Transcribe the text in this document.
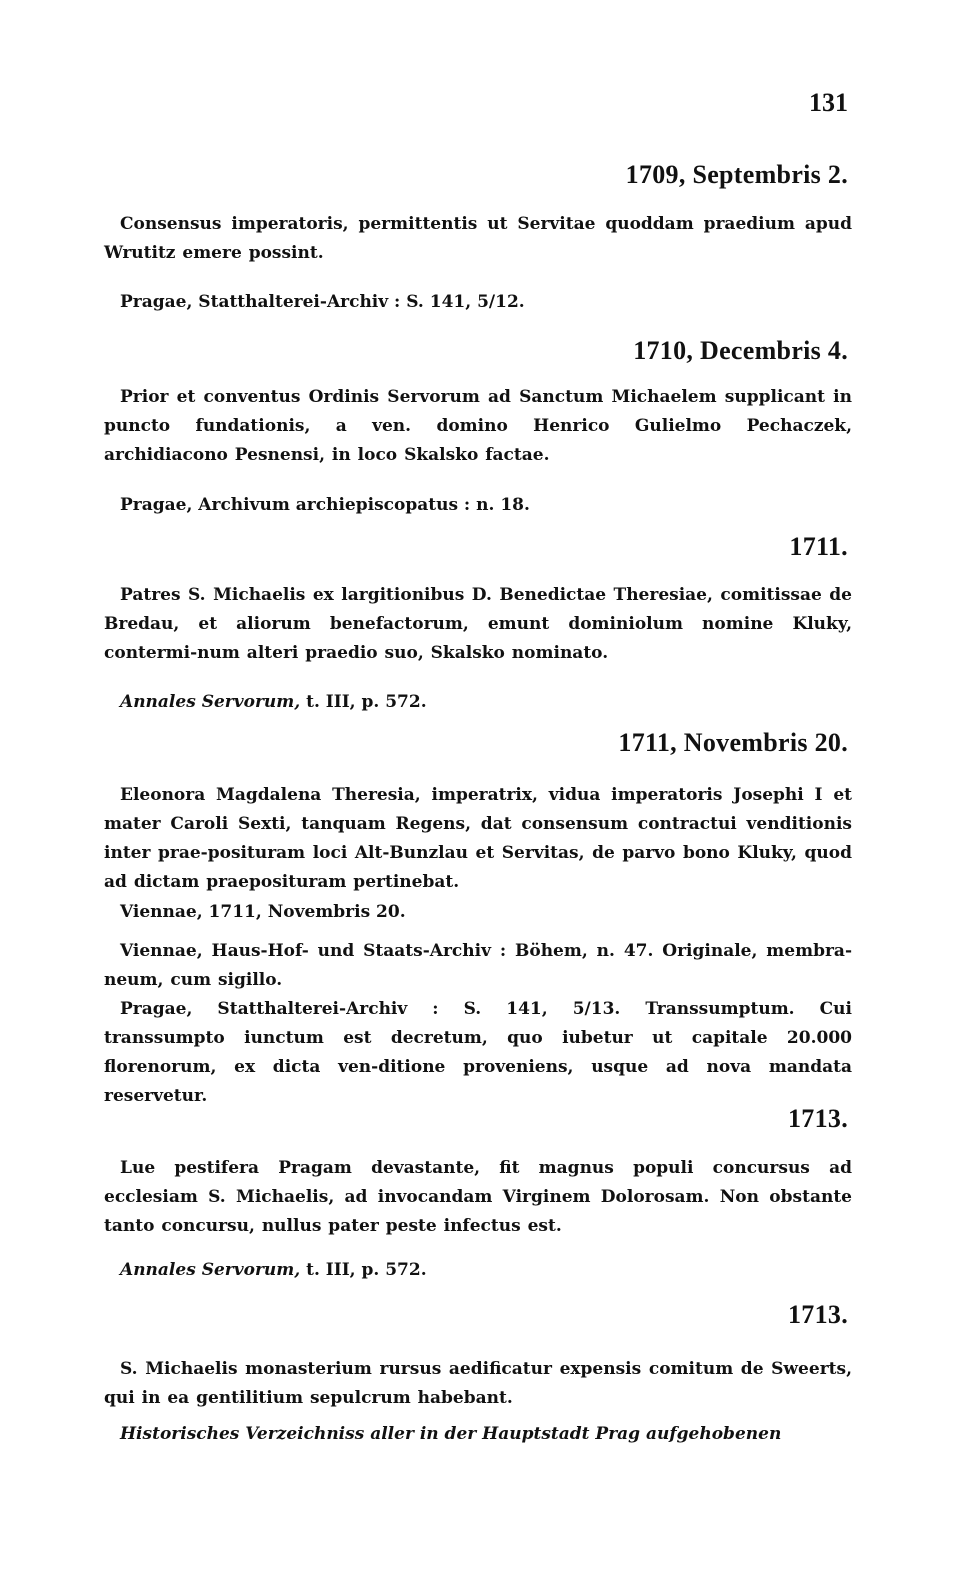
131
1709, Septembris 2.
Consensus imperatoris, permittentis ut Servitae quoddam praedium apud Wrutitz emere possint.
Pragae, Statthalterei-Archiv : S. 141, 5/12.
1710, Decembris 4.
Prior et conventus Ordinis Servorum ad Sanctum Michaelem supplicant in puncto fundationis, a ven. domino Henrico Gulielmo Pechaczek, archidiacono Pesnensi, in loco Skalsko factae.
Pragae, Archivum archiepiscopatus : n. 18.
1711.
Patres S. Michaelis ex largitionibus D. Benedictae Theresiae, comitissae de Bredau, et aliorum benefactorum, emunt dominiolum nomine Kluky, contermi-num alteri praedio suo, Skalsko nominato.
Annales Servorum, t. III, p. 572.
1711, Novembris 20.
Eleonora Magdalena Theresia, imperatrix, vidua imperatoris Josephi I et mater Caroli Sexti, tanquam Regens, dat consensum contractui venditionis inter prae-posituram loci Alt-Bunzlau et Servitas, de parvo bono Kluky, quod ad dictam praeposituram pertinebat.
Viennae, 1711, Novembris 20.
Viennae, Haus-Hof- und Staats-Archiv : Böhem, n. 47. Originale, membra-neum, cum sigillo.
Pragae, Statthalterei-Archiv : S. 141, 5/13. Transsumptum. Cui transsumpto iunctum est decretum, quo iubetur ut capitale 20.000 florenorum, ex dicta ven-ditione proveniens, usque ad nova mandata reservetur.
1713.
Lue pestifera Pragam devastante, fit magnus populi concursus ad ecclesiam S. Michaelis, ad invocandam Virginem Dolorosam. Non obstante tanto concursu, nullus pater peste infectus est.
Annales Servorum, t. III, p. 572.
1713.
S. Michaelis monasterium rursus aedificatur expensis comitum de Sweerts, qui in ea gentilitium sepulcrum habebant.
Historisches Verzeichniss aller in der Hauptstadt Prag aufgehobenen
